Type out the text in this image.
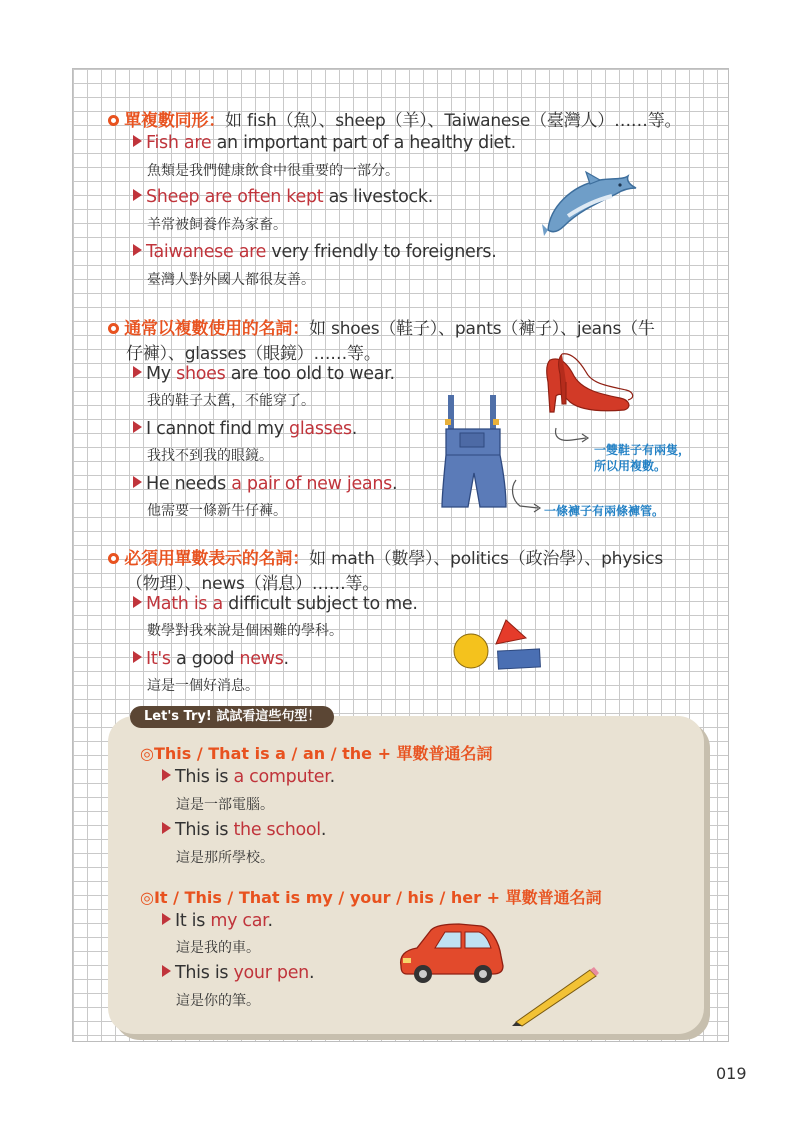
單複數同形：如 fish（魚）、sheep（羊）、Taiwanese（臺灣人）……等。
Fish are an important part of a healthy diet.
魚類是我們健康飲食中很重要的一部分。
Sheep are often kept as livestock.
羊常被飼養作為家畜。
Taiwanese are very friendly to foreigners.
臺灣人對外國人都很友善。
通常以複數使用的名詞：如 shoes（鞋子）、pants（褲子）、jeans（牛
仔褲）、glasses（眼鏡）……等。
My shoes are too old to wear.
我的鞋子太舊，不能穿了。
I cannot find my glasses.
我找不到我的眼鏡。
He needs a pair of new jeans.
他需要一條新牛仔褲。
一雙鞋子有兩隻，
所以用複數。
一條褲子有兩條褲管。
必須用單數表示的名詞：如 math（數學）、politics（政治學）、physics
（物理）、news（消息）……等。
Math is a difficult subject to me.
數學對我來說是個困難的學科。
It's a good news.
這是一個好消息。
Let's Try! 試試看這些句型！
◎This / That is a / an / the + 單數普通名詞
This is a computer.
這是一部電腦。
This is the school.
這是那所學校。
◎It / This / That is my / your / his / her + 單數普通名詞
It is my car.
這是我的車。
This is your pen.
這是你的筆。
019
